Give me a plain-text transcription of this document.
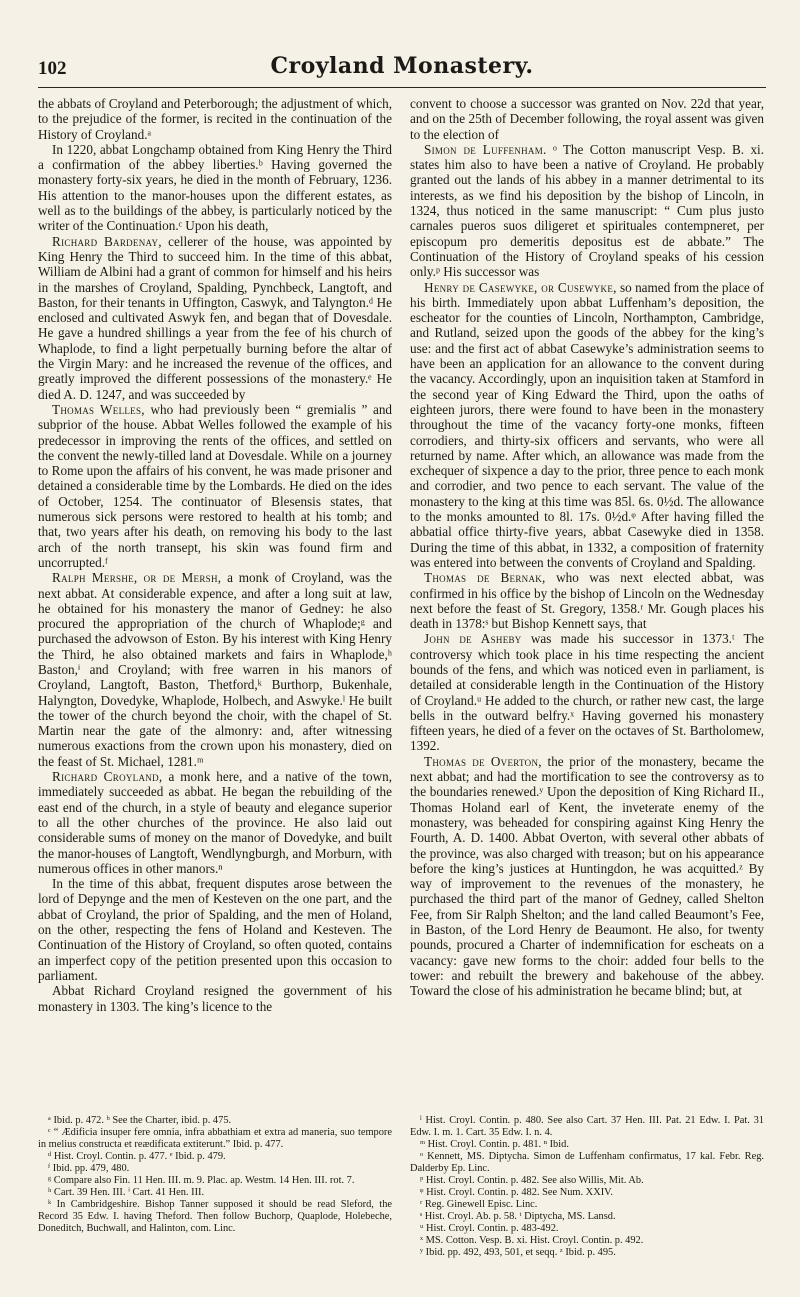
102	Croyland Monastery.

the abbats of Croyland and Peterborough; the adjustment of which, to the prejudice of the former, is recited in the continuation of the History of Croyland.ᵃ

In 1220, abbat Longchamp obtained from King Henry the Third a confirmation of the abbey liberties.ᵇ Having governed the monastery forty-six years, he died in the month of February, 1236. His attention to the manor-houses upon the different estates, as well as to the buildings of the abbey, is particularly noticed by the writer of the Continuation.ᶜ Upon his death,

Richard Bardenay, cellerer of the house, was appointed by King Henry the Third to succeed him. In the time of this abbat, William de Albini had a grant of common for himself and his heirs in the marshes of Croyland, Spalding, Pynchbeck, Langtoft, and Baston, for their tenants in Uffington, Caswyk, and Talyngton.ᵈ He enclosed and cultivated Aswyk fen, and began that of Dovesdale. He gave a hundred shillings a year from the fee of his church of Whaplode, to find a light perpetually burning before the altar of the Virgin Mary: and he increased the revenue of the offices, and greatly improved the different possessions of the monastery.ᵉ He died A. D. 1247, and was succeeded by

Thomas Welles, who had previously been “ gremialis ” and subprior of the house. Abbat Welles followed the example of his predecessor in improving the rents of the offices, and settled on the convent the newly-tilled land at Dovesdale. While on a journey to Rome upon the affairs of his convent, he was made prisoner and detained a considerable time by the Lombards. He died on the ides of October, 1254. The continuator of Blesensis states, that numerous sick persons were restored to health at his tomb; and that, two years after his death, on removing his body to the last arch of the north transept, his skin was found firm and uncorrupted.ᶠ

Ralph Mershe, or de Mersh, a monk of Croyland, was the next abbat. At considerable expence, and after a long suit at law, he obtained for his monastery the manor of Gedney: he also procured the appropriation of the church of Whaplode;ᵍ and purchased the advowson of Eston. By his interest with King Henry the Third, he also obtained markets and fairs in Whaplode,ʰ Baston,ⁱ and Croyland; with free warren in his manors of Croyland, Langtoft, Baston, Thetford,ᵏ Burthorp, Bukenhale, Halyngton, Dovedyke, Whaplode, Holbech, and Aswyke.ˡ He built the tower of the church beyond the choir, with the chapel of St. Martin near the gate of the almonry: and, after witnessing numerous exactions from the crown upon his monastery, died on the feast of St. Michael, 1281.ᵐ

Richard Croyland, a monk here, and a native of the town, immediately succeeded as abbat. He began the rebuilding of the east end of the church, in a style of beauty and elegance superior to all the other churches of the province. He also laid out considerable sums of money on the manor of Dovedyke, and built the manor-houses of Langtoft, Wendlyngburgh, and Morburn, with numerous offices in other manors.ⁿ

In the time of this abbat, frequent disputes arose between the lord of Depynge and the men of Kesteven on the one part, and the abbat of Croyland, the prior of Spalding, and the men of Holand, on the other, respecting the fens of Holand and Kesteven. The Continuation of the History of Croyland, so often quoted, contains an imperfect copy of the petition presented upon this occasion to parliament.

Abbat Richard Croyland resigned the government of his monastery in 1303. The king’s licence to the

convent to choose a successor was granted on Nov. 22d that year, and on the 25th of December following, the royal assent was given to the election of

Simon de Luffenham. ᵒ The Cotton manuscript Vesp. B. xi. states him also to have been a native of Croyland. He probably granted out the lands of his abbey in a manner detrimental to its interests, as we find his deposition by the bishop of Lincoln, in 1324, thus noticed in the same manuscript: “ Cum plus justo carnales pueros suos diligeret et spirituales contempneret, per episcopum pro demeritis depositus est de abbate.” The Continuation of the History of Croyland speaks of his cession only.ᵖ His successor was

Henry de Casewyke, or Cusewyke, so named from the place of his birth. Immediately upon abbat Luffenham’s deposition, the escheator for the counties of Lincoln, Northampton, Cambridge, and Rutland, seized upon the goods of the abbey for the king’s use: and the first act of abbat Casewyke’s administration seems to have been an application for an allowance to the convent during the vacancy. Accordingly, upon an inquisition taken at Stamford in the second year of King Edward the Third, upon the oaths of eighteen jurors, there were found to have been in the monastery throughout the time of the vacancy forty-one monks, fifteen corrodiers, and thirty-six officers and servants, who were all returned by name. After which, an allowance was made from the exchequer of sixpence a day to the prior, three pence to each monk and corrodier, and two pence to each servant. The value of the monastery to the king at this time was 85l. 6s. 0½d. The allowance to the monks amounted to 8l. 17s. 0½d.ᵠ After having filled the abbatial office thirty-five years, abbat Casewyke died in 1358. During the time of this abbat, in 1332, a composition of fraternity was entered into between the convents of Croyland and Spalding.

Thomas de Bernak, who was next elected abbat, was confirmed in his office by the bishop of Lincoln on the Wednesday next before the feast of St. Gregory, 1358.ʳ Mr. Gough places his death in 1378:ˢ but Bishop Kennett says, that

John de Asheby was made his successor in 1373.ᵗ The controversy which took place in his time respecting the ancient bounds of the fens, and which was noticed even in parliament, is detailed at considerable length in the Continuation of the History of Croyland.ᵘ He added to the church, or rather new cast, the large bells in the outward belfry.ˣ Having governed his monastery fifteen years, he died of a fever on the octaves of St. Bartholomew, 1392.

Thomas de Overton, the prior of the monastery, became the next abbat; and had the mortification to see the controversy as to the boundaries renewed.ʸ Upon the deposition of King Richard II., Thomas Holand earl of Kent, the inveterate enemy of the monastery, was beheaded for conspiring against King Henry the Fourth, A. D. 1400. Abbat Overton, with several other abbats of the province, was also charged with treason; but on his appearance before the king’s justices at Huntingdon, he was acquitted.ᶻ By way of improvement to the revenues of the monastery, he purchased the third part of the manor of Gedney, called Shelton Fee, from Sir Ralph Shelton; and the land called Beaumont’s Fee, in Baston, of the Lord Henry de Beaumont. He also, for twenty pounds, procured a Charter of indemnification for escheats on a vacancy: gave new forms to the choir: added four bells to the tower: and rebuilt the brewery and bakehouse of the abbey. Toward the close of his administration he became blind; but, at

ᵃ Ibid. p. 472. ᵇ See the Charter, ibid. p. 475.

ᶜ “ Ædificia insuper fere omnia, infra abbathiam et extra ad maneria, suo tempore in melius constructa et reædificata extiterunt.” Ibid. p. 477.

ᵈ Hist. Croyl. Contin. p. 477. ᵉ Ibid. p. 479.

ᶠ Ibid. pp. 479, 480.

ᵍ Compare also Fin. 11 Hen. III. m. 9. Plac. ap. Westm. 14 Hen. III. rot. 7.

ʰ Cart. 39 Hen. III. ⁱ Cart. 41 Hen. III.

ᵏ In Cambridgeshire. Bishop Tanner supposed it should be read Sleford, the Record 35 Edw. I. having Theford. Then follow Buchorp, Quaplode, Holebeche, Doneditch, Buchwall, and Halinton, com. Linc.

ˡ Hist. Croyl. Contin. p. 480. See also Cart. 37 Hen. III. Pat. 21 Edw. I. Pat. 31 Edw. I. m. 1. Cart. 35 Edw. I. n. 4.

ᵐ Hist. Croyl. Contin. p. 481. ⁿ Ibid.

ᵒ Kennett, MS. Diptycha. Simon de Luffenham confirmatus, 17 kal. Febr. Reg. Dalderby Ep. Linc.

ᵖ Hist. Croyl. Contin. p. 482. See also Willis, Mit. Ab.

ᵠ Hist. Croyl. Contin. p. 482. See Num. XXIV.

ʳ Reg. Ginewell Episc. Linc.

ˢ Hist. Croyl. Ab. p. 58. ᵗ Diptycha, MS. Lansd.

ᵘ Hist. Croyl. Contin. p. 483-492.

ˣ MS. Cotton. Vesp. B. xi. Hist. Croyl. Contin. p. 492.

ʸ Ibid. pp. 492, 493, 501, et seqq. ᶻ Ibid. p. 495.
